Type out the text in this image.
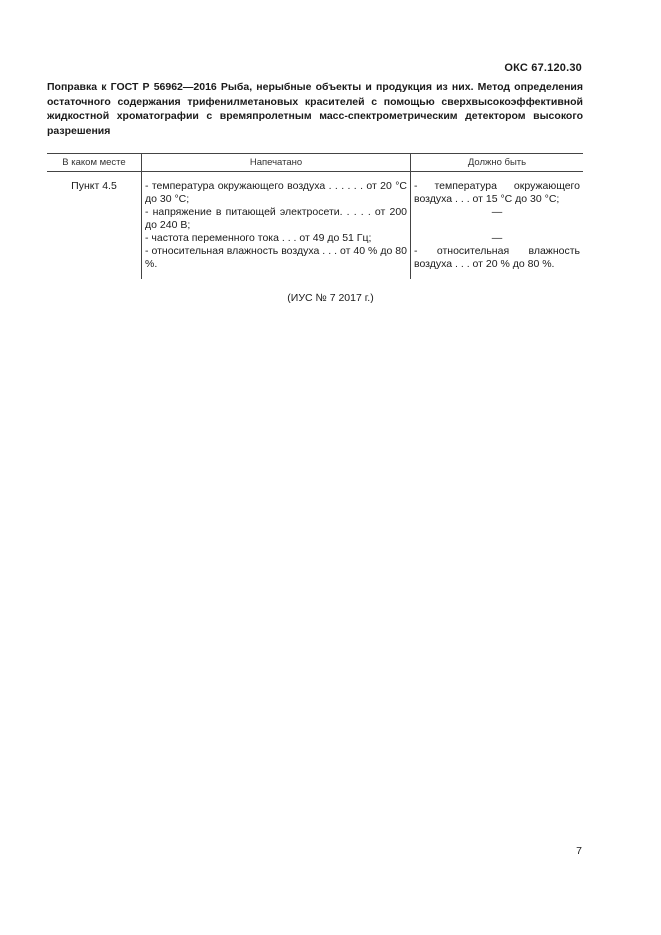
ОКС 67.120.30
Поправка к ГОСТ Р 56962—2016 Рыба, нерыбные объекты и продукция из них. Метод определения остаточного содержания трифенилметановых красителей с помощью сверхвысокоэффективной жидкостной хроматографии с времяпролетным масс-спектрометрическим детектором высокого разрешения
В каком месте	Напечатано	Должно быть
Пункт 4.5	- температура окружающего воздуха . . . . . . от 20 °С до 30 °С;	- температура окружающего воздуха . . . от 15 °С до 30 °С;
	- напряжение в питающей электросети. . . . . от 200 до 240 В;	—
	- частота переменного тока . . . от 49 до 51 Гц;	—
	- относительная влажность воздуха . . . от 40 % до 80 %.	- относительная влажность воздуха . . . от 20 % до 80 %.
(ИУС № 7 2017 г.)
7
